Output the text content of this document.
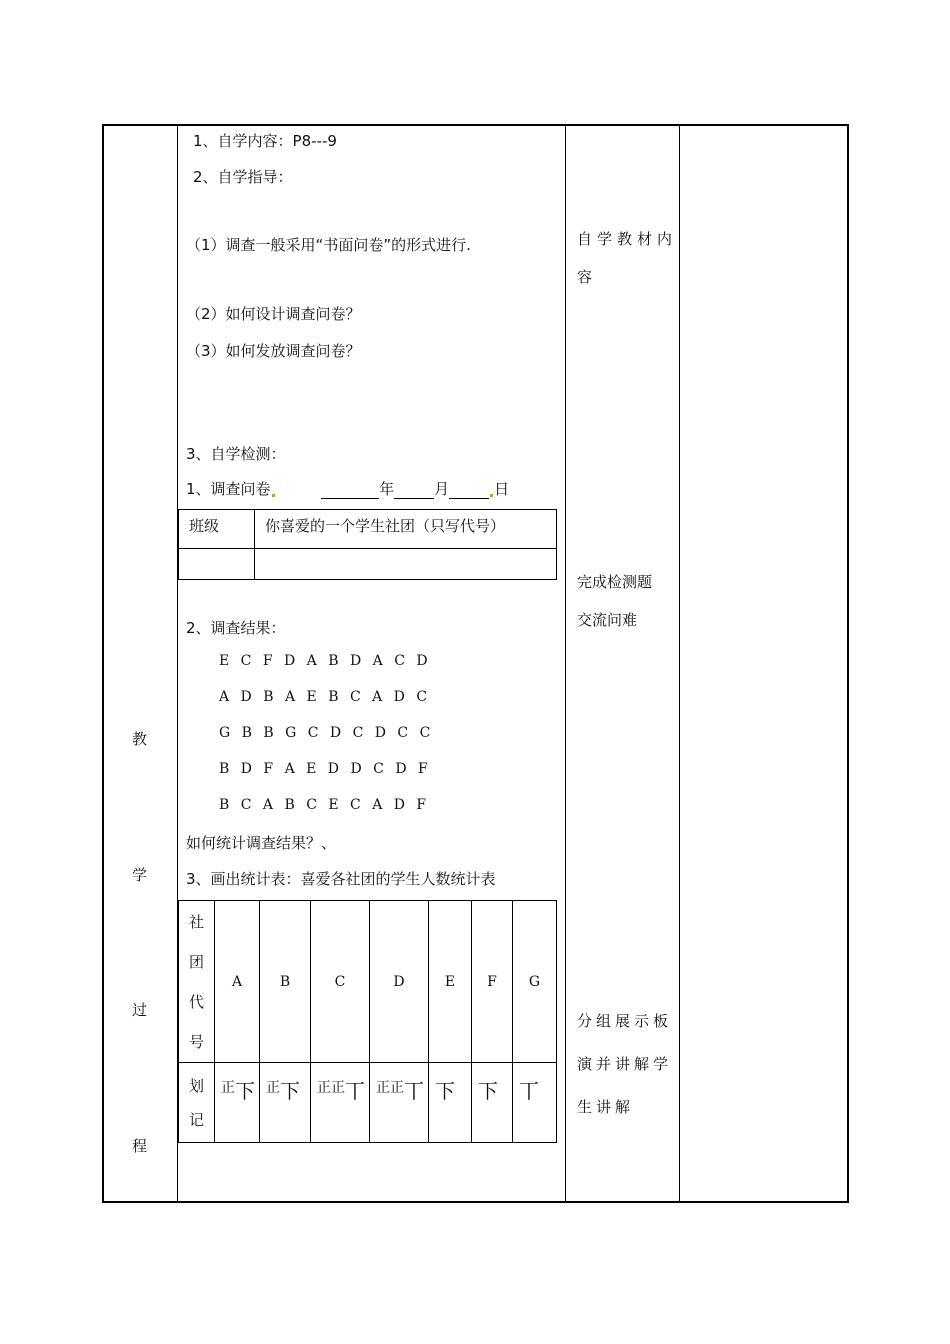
教
学
过
程
1、自学内容：P8---9
2、自学指导：
（1）调查一般采用“书面问卷”的形式进行.
（2）如何设计调查问卷？
（3）如何发放调查问卷？
3、自学检测：
1、调查问卷	年	月	日
班级	你喜爱的一个学生社团（只写代号）

2、调查结果：
E C F D A B D A C D
A D B A E B C A D C
G B B G C D C D C C
B D F A E D D C D F
B C A B C E C A D F
如何统计调查结果？、
3、画出统计表：喜爱各社团的学生人数统计表
社
团
代
号	A	B	C	D	E	F	G

划
记	正下	正下	正正丅	正正丅	下	下	丅
自学教材内
容
完成检测题
交流问难
分组展示板
演并讲解学
生讲解
